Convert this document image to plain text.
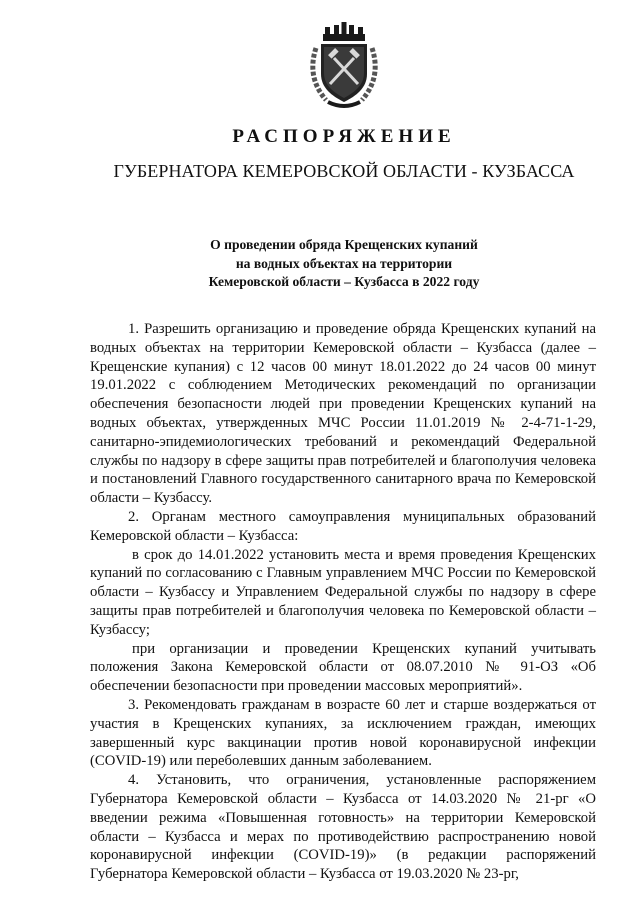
РАСПОРЯЖЕНИЕ
ГУБЕРНАТОРА КЕМЕРОВСКОЙ ОБЛАСТИ - КУЗБАССА
О проведении обряда Крещенских купаний
на водных объектах на территории
Кемеровской области – Кузбасса в 2022 году

1. Разрешить организацию и проведение обряда Крещенских купаний на водных объектах на территории Кемеровской области – Кузбасса (далее – Крещенские купания) с 12 часов 00 минут 18.01.2022 до 24 часов 00 минут 19.01.2022 с соблюдением Методических рекомендаций по организации обеспечения безопасности людей при проведении Крещенских купаний на водных объектах, утвержденных МЧС России 11.01.2019 № 2-4-71-1-29, санитарно-эпидемиологических требований и рекомендаций Федеральной службы по надзору в сфере защиты прав потребителей и благополучия человека и постановлений Главного государственного санитарного врача по Кемеровской области – Кузбассу.

2. Органам местного самоуправления муниципальных образований Кемеровской области – Кузбасса:

в срок до 14.01.2022 установить места и время проведения Крещенских купаний по согласованию с Главным управлением МЧС России по Кемеровской области – Кузбассу и Управлением Федеральной службы по надзору в сфере защиты прав потребителей и благополучия человека по Кемеровской области – Кузбассу;

при организации и проведении Крещенских купаний учитывать положения Закона Кемеровской области от 08.07.2010 № 91-ОЗ «Об обеспечении безопасности при проведении массовых мероприятий».

3. Рекомендовать гражданам в возрасте 60 лет и старше воздержаться от участия в Крещенских купаниях, за исключением граждан, имеющих завершенный курс вакцинации против новой коронавирусной инфекции (COVID-19) или переболевших данным заболеванием.

4. Установить, что ограничения, установленные распоряжением Губернатора Кемеровской области – Кузбасса от 14.03.2020 № 21-рг «О введении режима «Повышенная готовность» на территории Кемеровской области – Кузбасса и мерах по противодействию распространению новой коронавирусной инфекции (COVID-19)» (в редакции распоряжений Губернатора Кемеровской области – Кузбасса от 19.03.2020 № 23-рг,
